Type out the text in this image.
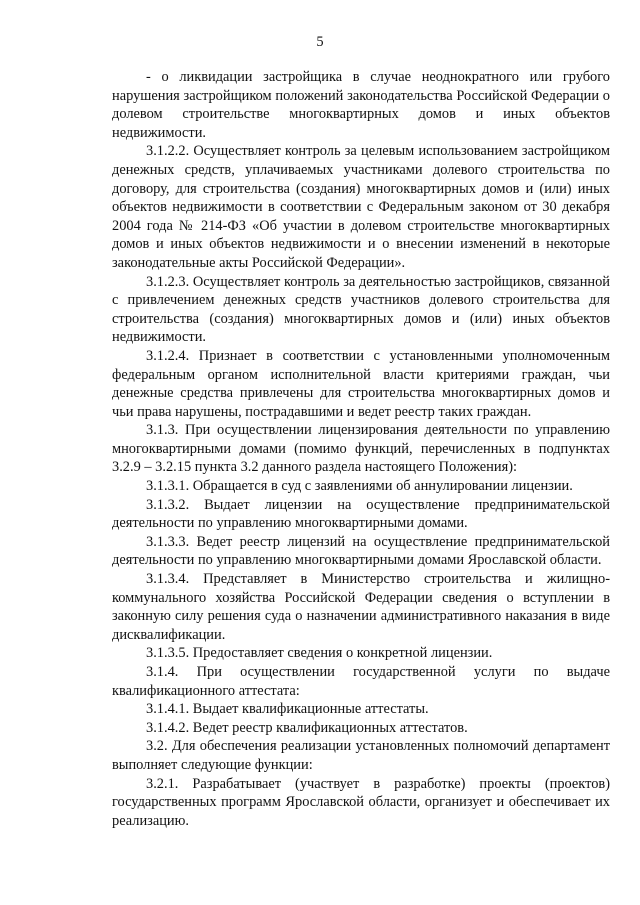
5

- о ликвидации застройщика в случае неоднократного или грубого нарушения застройщиком положений законодательства Российской Федерации о долевом строительстве многоквартирных домов и иных объектов недвижимости.

3.1.2.2. Осуществляет контроль за целевым использованием застройщиком денежных средств, уплачиваемых участниками долевого строительства по договору, для строительства (создания) многоквартирных домов и (или) иных объектов недвижимости в соответствии с Федеральным законом от 30 декабря 2004 года № 214-ФЗ «Об участии в долевом строительстве многоквартирных домов и иных объектов недвижимости и о внесении изменений в некоторые законодательные акты Российской Федерации».

3.1.2.3. Осуществляет контроль за деятельностью застройщиков, связанной с привлечением денежных средств участников долевого строительства для строительства (создания) многоквартирных домов и (или) иных объектов недвижимости.

3.1.2.4. Признает в соответствии с установленными уполномоченным федеральным органом исполнительной власти критериями граждан, чьи денежные средства привлечены для строительства многоквартирных домов и чьи права нарушены, пострадавшими и ведет реестр таких граждан.

3.1.3. При осуществлении лицензирования деятельности по управлению многоквартирными домами (помимо функций, перечисленных в подпунктах 3.2.9 – 3.2.15 пункта 3.2 данного раздела настоящего Положения):

3.1.3.1. Обращается в суд с заявлениями об аннулировании лицензии.

3.1.3.2. Выдает лицензии на осуществление предпринимательской деятельности по управлению многоквартирными домами.

3.1.3.3. Ведет реестр лицензий на осуществление предпринимательской деятельности по управлению многоквартирными домами Ярославской области.

3.1.3.4. Представляет в Министерство строительства и жилищно-коммунального хозяйства Российской Федерации сведения о вступлении в законную силу решения суда о назначении административного наказания в виде дисквалификации.

3.1.3.5. Предоставляет сведения о конкретной лицензии.

3.1.4. При осуществлении государственной услуги по выдаче квалификационного аттестата:

3.1.4.1. Выдает квалификационные аттестаты.

3.1.4.2. Ведет реестр квалификационных аттестатов.

3.2. Для обеспечения реализации установленных полномочий департамент выполняет следующие функции:

3.2.1. Разрабатывает (участвует в разработке) проекты (проектов) государственных программ Ярославской области, организует и обеспечивает их реализацию.
